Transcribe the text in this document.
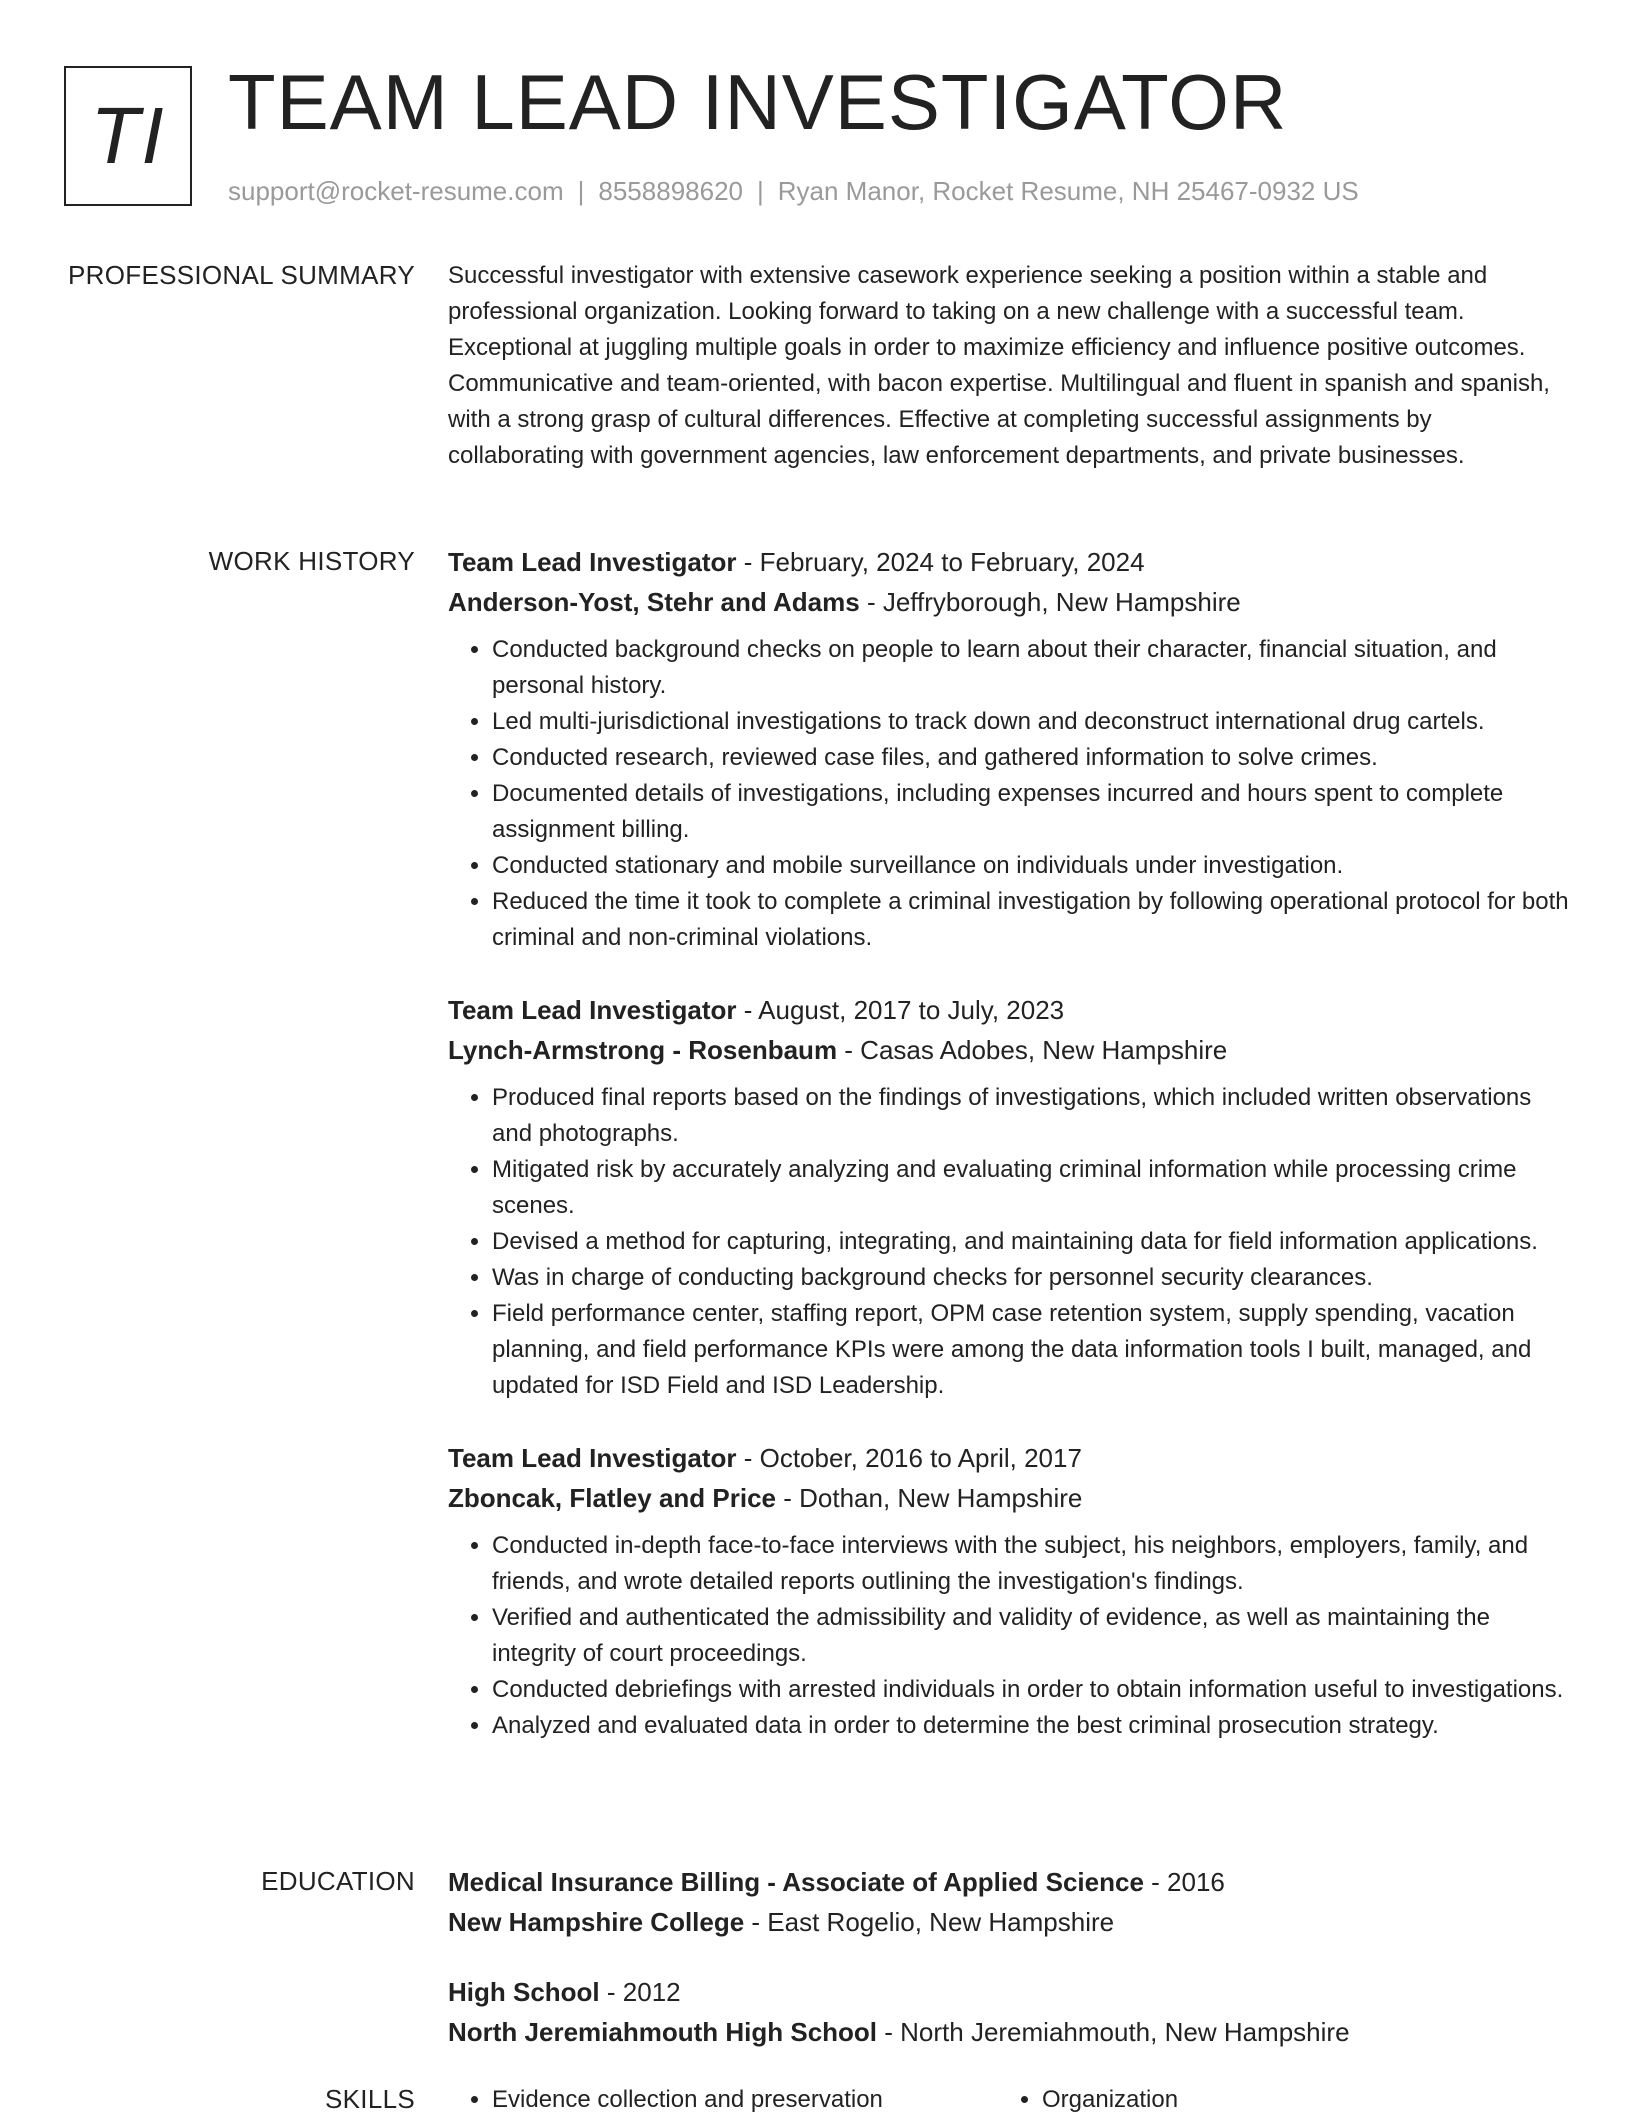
TI TEAM LEAD INVESTIGATOR
support@rocket-resume.com | 8558898620 | Ryan Manor, Rocket Resume, NH 25467-0932 US
PROFESSIONAL SUMMARY Successful investigator with extensive casework experience seeking a position within a stable and professional organization. Looking forward to taking on a new challenge with a successful team. Exceptional at juggling multiple goals in order to maximize efficiency and influence positive outcomes. Communicative and team-oriented, with bacon expertise. Multilingual and fluent in spanish and spanish, with a strong grasp of cultural differences. Effective at completing successful assignments by collaborating with government agencies, law enforcement departments, and private businesses.

WORK HISTORY Team Lead Investigator - February, 2024 to February, 2024

Anderson-Yost, Stehr and Adams - Jeffryborough, New Hampshire

• Conducted background checks on people to learn about their character, financial situation, and personal history.
• Led multi-jurisdictional investigations to track down and deconstruct international drug cartels.
• Conducted research, reviewed case files, and gathered information to solve crimes.
• Documented details of investigations, including expenses incurred and hours spent to complete assignment billing.
• Conducted stationary and mobile surveillance on individuals under investigation.
• Reduced the time it took to complete a criminal investigation by following operational protocol for both criminal and non-criminal violations.

Team Lead Investigator - August, 2017 to July, 2023

Lynch-Armstrong - Rosenbaum - Casas Adobes, New Hampshire

• Produced final reports based on the findings of investigations, which included written observations and photographs.
• Mitigated risk by accurately analyzing and evaluating criminal information while processing crime scenes.
• Devised a method for capturing, integrating, and maintaining data for field information applications.
• Was in charge of conducting background checks for personnel security clearances.
• Field performance center, staffing report, OPM case retention system, supply spending, vacation planning, and field performance KPIs were among the data information tools I built, managed, and updated for ISD Field and ISD Leadership.

Team Lead Investigator - October, 2016 to April, 2017

Zboncak, Flatley and Price - Dothan, New Hampshire

• Conducted in-depth face-to-face interviews with the subject, his neighbors, employers, family, and friends, and wrote detailed reports outlining the investigation's findings.
• Verified and authenticated the admissibility and validity of evidence, as well as maintaining the integrity of court proceedings.
• Conducted debriefings with arrested individuals in order to obtain information useful to investigations.
• Analyzed and evaluated data in order to determine the best criminal prosecution strategy.
EDUCATION Medical Insurance Billing - Associate of Applied Science - 2016

New Hampshire College - East Rogelio, New Hampshire

High School - 2012

North Jeremiahmouth High School - North Jeremiahmouth, New Hampshire

SKILLS	• Evidence collection and preservation	• Organization
